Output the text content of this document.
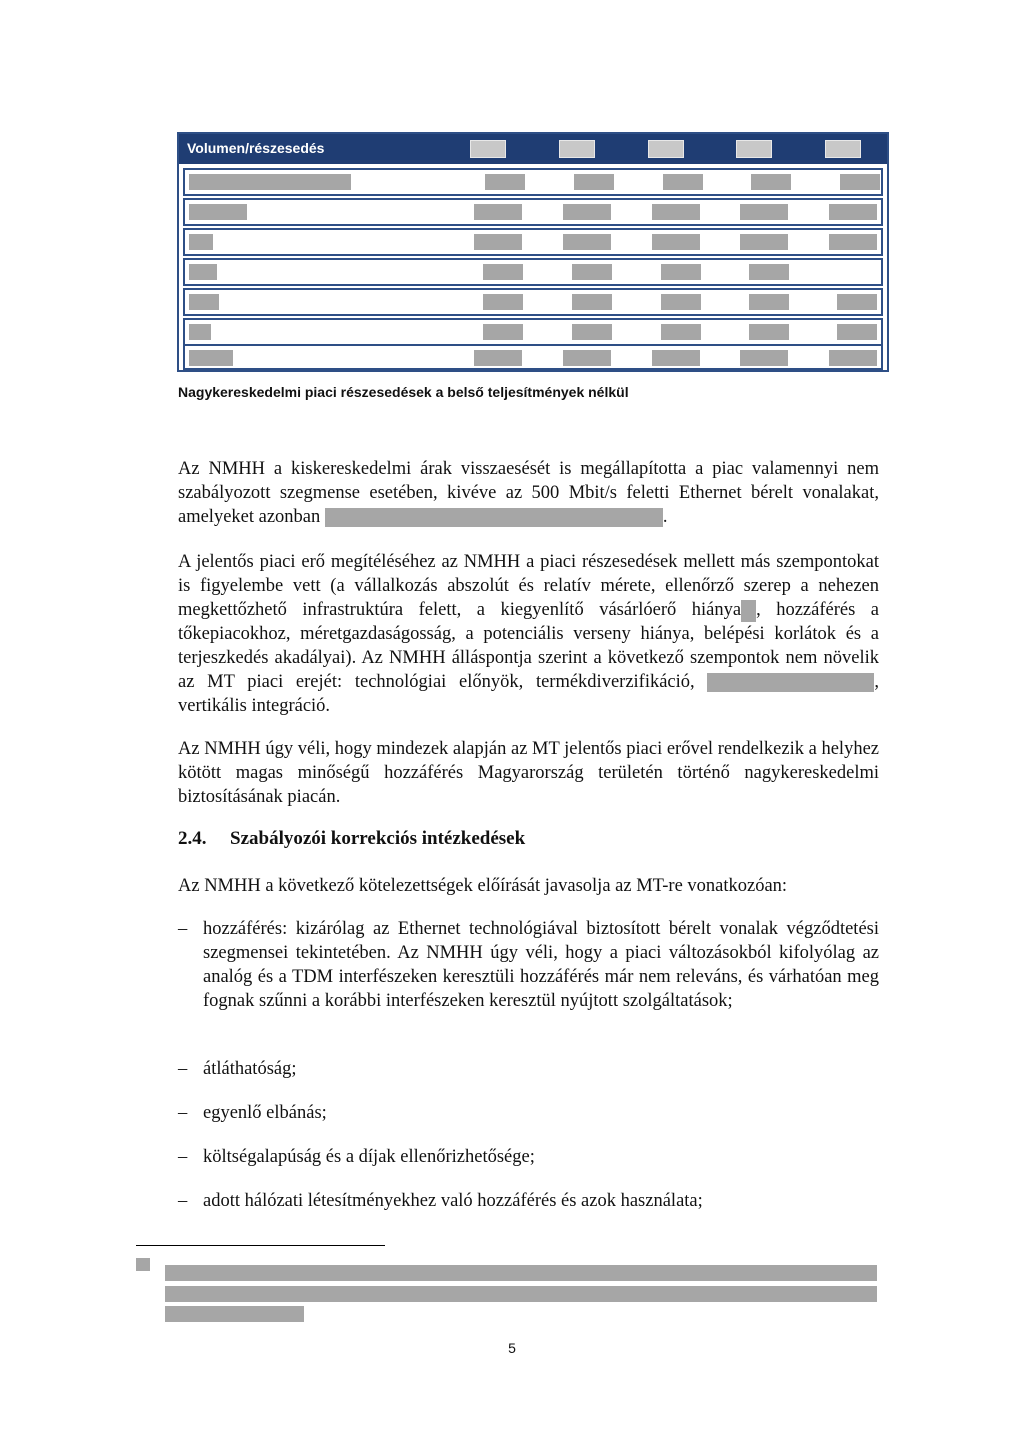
Volumen/részesedés
Nagykereskedelmi piaci részesedések a belső teljesítmények nélkül
Az NMHH a kiskereskedelmi árak visszaesését is megállapította a piac valamennyi nem szabályozott szegmense esetében, kivéve az 500 Mbit/s feletti Ethernet bérelt vonalakat, amelyeket azonban	.
A jelentős piaci erő megítéléséhez az NMHH a piaci részesedések mellett más szempontokat is figyelembe vett (a vállalkozás abszolút és relatív mérete, ellenőrző szerep a nehezen megkettőzhető infrastruktúra felett, a kiegyenlítő vásárlóerő hiánya , hozzáférés a tőkepiacokhoz, méretgazdaságosság, a potenciális verseny hiánya, belépési korlátok és a terjeszkedés akadályai). Az NMHH álláspontja szerint a következő szempontok nem növelik az MT piaci erejét: technológiai előnyök, termékdiverzifikáció,	, vertikális integráció.
Az NMHH úgy véli, hogy mindezek alapján az MT jelentős piaci erővel rendelkezik a helyhez kötött magas minőségű hozzáférés Magyarország területén történő nagykereskedelmi biztosításának piacán.
2.4. Szabályozói korrekciós intézkedések
Az NMHH a következő kötelezettségek előírását javasolja az MT-re vonatkozóan:
– hozzáférés: kizárólag az Ethernet technológiával biztosított bérelt vonalak végződtetési szegmensei tekintetében. Az NMHH úgy véli, hogy a piaci változásokból kifolyólag az analóg és a TDM interfészeken keresztüli hozzáférés már nem releváns, és várhatóan meg fognak szűnni a korábbi interfészeken keresztül nyújtott szolgáltatások;
– átláthatóság;
– egyenlő elbánás;
– költségalapúság és a díjak ellenőrizhetősége;
– adott hálózati létesítményekhez való hozzáférés és azok használata;
5
